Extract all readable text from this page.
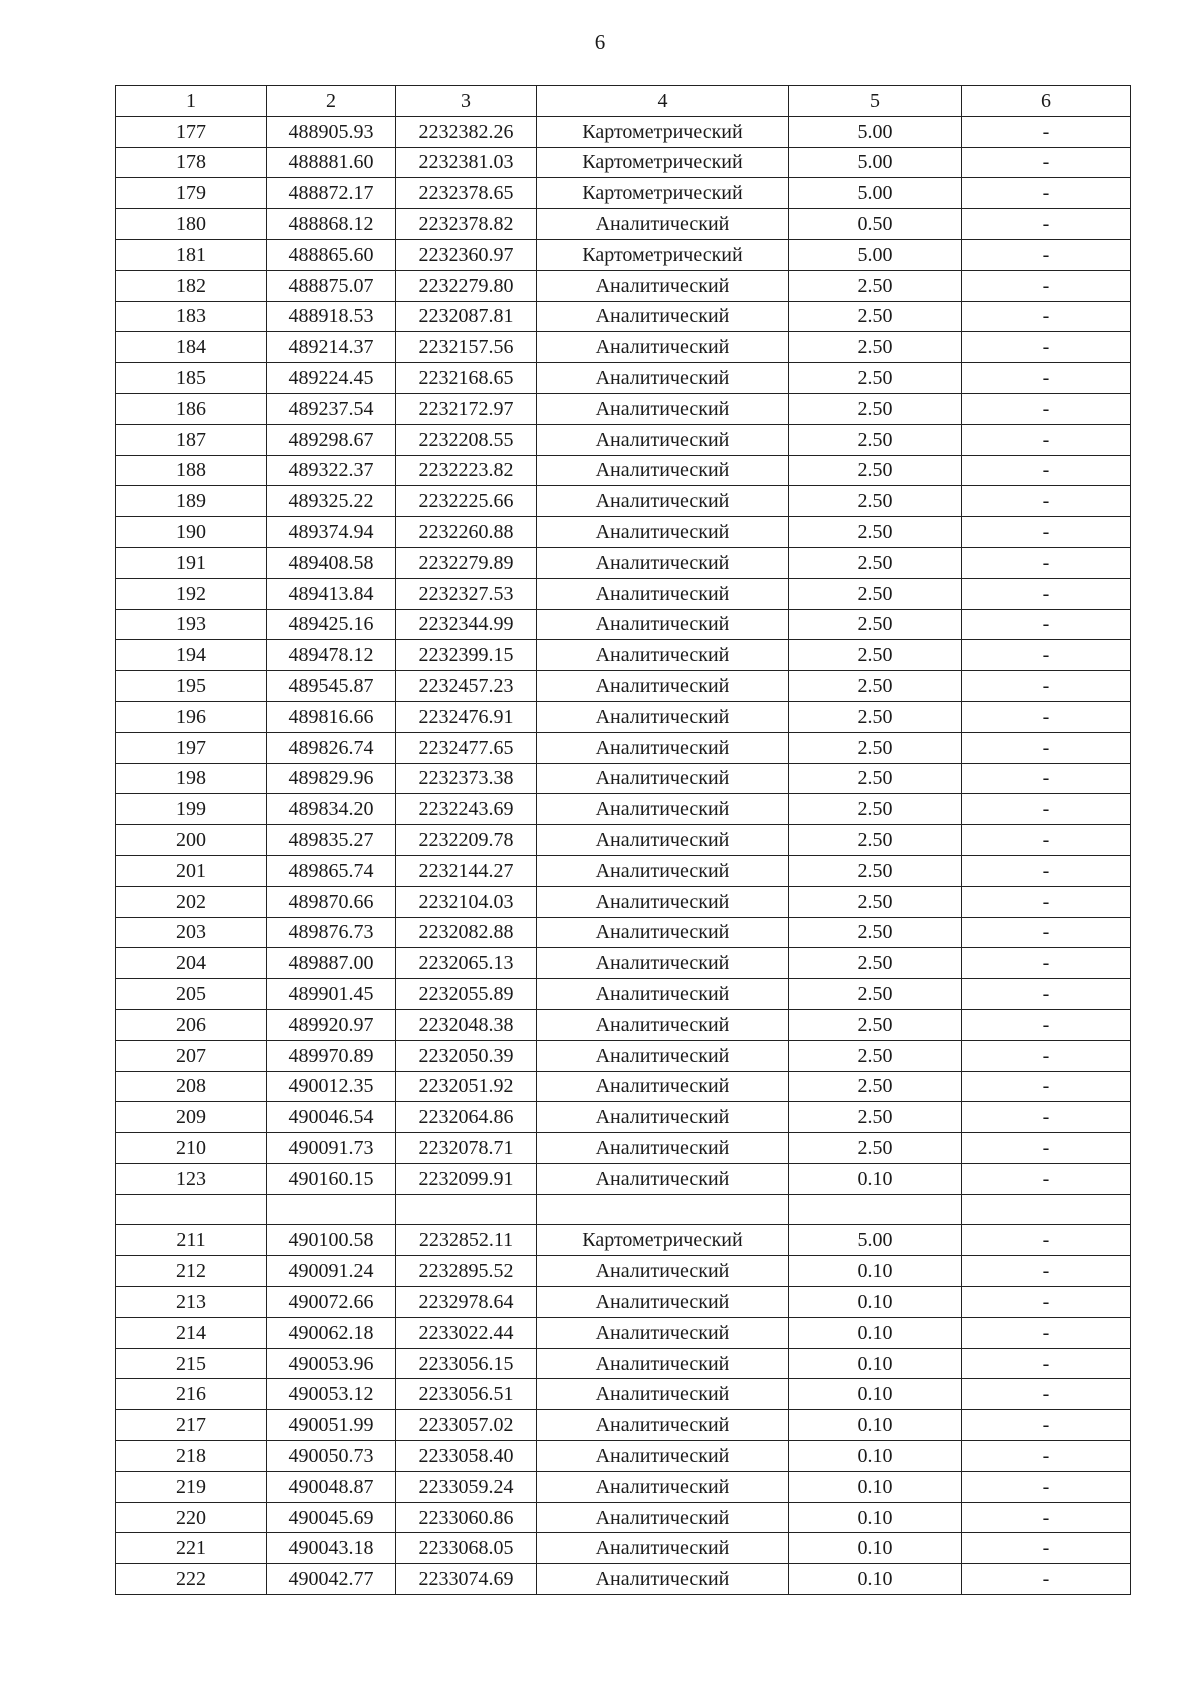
6
1	2	3	4	5	6
177	488905.93	2232382.26	Картометрический	5.00	-
178	488881.60	2232381.03	Картометрический	5.00	-
179	488872.17	2232378.65	Картометрический	5.00	-
180	488868.12	2232378.82	Аналитический	0.50	-
181	488865.60	2232360.97	Картометрический	5.00	-
182	488875.07	2232279.80	Аналитический	2.50	-
183	488918.53	2232087.81	Аналитический	2.50	-
184	489214.37	2232157.56	Аналитический	2.50	-
185	489224.45	2232168.65	Аналитический	2.50	-
186	489237.54	2232172.97	Аналитический	2.50	-
187	489298.67	2232208.55	Аналитический	2.50	-
188	489322.37	2232223.82	Аналитический	2.50	-
189	489325.22	2232225.66	Аналитический	2.50	-
190	489374.94	2232260.88	Аналитический	2.50	-
191	489408.58	2232279.89	Аналитический	2.50	-
192	489413.84	2232327.53	Аналитический	2.50	-
193	489425.16	2232344.99	Аналитический	2.50	-
194	489478.12	2232399.15	Аналитический	2.50	-
195	489545.87	2232457.23	Аналитический	2.50	-
196	489816.66	2232476.91	Аналитический	2.50	-
197	489826.74	2232477.65	Аналитический	2.50	-
198	489829.96	2232373.38	Аналитический	2.50	-
199	489834.20	2232243.69	Аналитический	2.50	-
200	489835.27	2232209.78	Аналитический	2.50	-
201	489865.74	2232144.27	Аналитический	2.50	-
202	489870.66	2232104.03	Аналитический	2.50	-
203	489876.73	2232082.88	Аналитический	2.50	-
204	489887.00	2232065.13	Аналитический	2.50	-
205	489901.45	2232055.89	Аналитический	2.50	-
206	489920.97	2232048.38	Аналитический	2.50	-
207	489970.89	2232050.39	Аналитический	2.50	-
208	490012.35	2232051.92	Аналитический	2.50	-
209	490046.54	2232064.86	Аналитический	2.50	-
210	490091.73	2232078.71	Аналитический	2.50	-
123	490160.15	2232099.91	Аналитический	0.10	-

211	490100.58	2232852.11	Картометрический	5.00	-
212	490091.24	2232895.52	Аналитический	0.10	-
213	490072.66	2232978.64	Аналитический	0.10	-
214	490062.18	2233022.44	Аналитический	0.10	-
215	490053.96	2233056.15	Аналитический	0.10	-
216	490053.12	2233056.51	Аналитический	0.10	-
217	490051.99	2233057.02	Аналитический	0.10	-
218	490050.73	2233058.40	Аналитический	0.10	-
219	490048.87	2233059.24	Аналитический	0.10	-
220	490045.69	2233060.86	Аналитический	0.10	-
221	490043.18	2233068.05	Аналитический	0.10	-
222	490042.77	2233074.69	Аналитический	0.10	-
